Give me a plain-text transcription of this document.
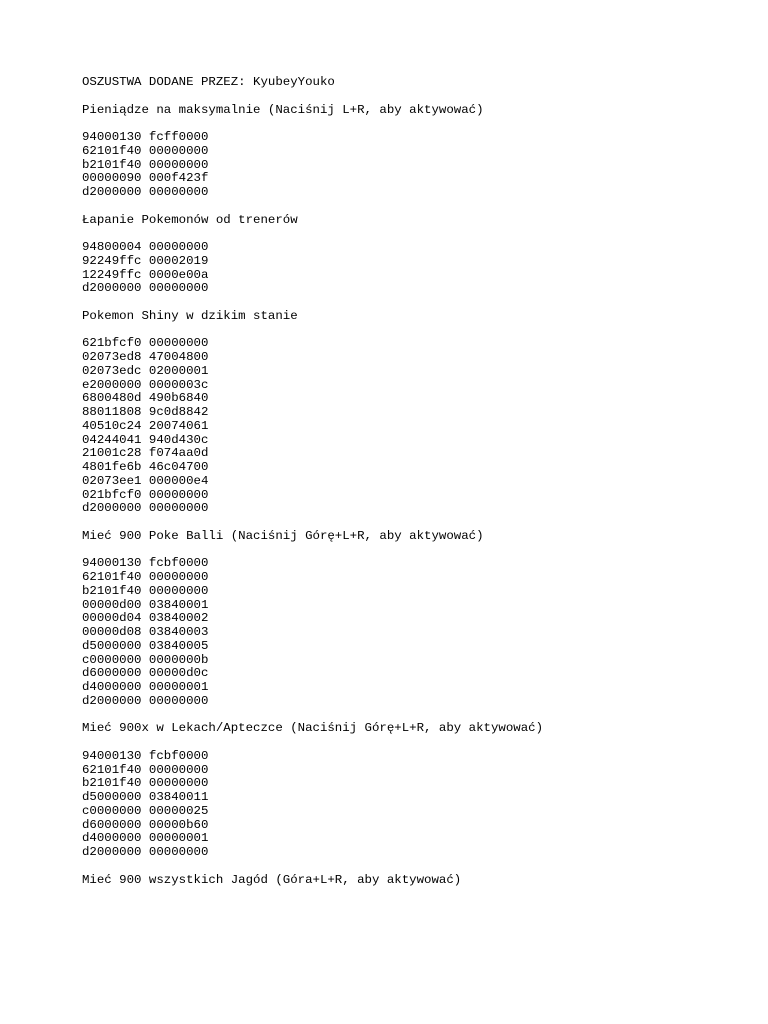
OSZUSTWA DODANE PRZEZ: KyubeyYouko
Pieniądze na maksymalnie (Naciśnij L+R, aby aktywować)
94000130 fcff0000
62101f40 00000000
b2101f40 00000000
00000090 000f423f
d2000000 00000000
Łapanie Pokemonów od trenerów
94800004 00000000
92249ffc 00002019
12249ffc 0000e00a
d2000000 00000000
Pokemon Shiny w dzikim stanie
621bfcf0 00000000
02073ed8 47004800
02073edc 02000001
e2000000 0000003c
6800480d 490b6840
88011808 9c0d8842
40510c24 20074061
04244041 940d430c
21001c28 f074aa0d
4801fe6b 46c04700
02073ee1 000000e4
021bfcf0 00000000
d2000000 00000000
Mieć 900 Poke Balli (Naciśnij Górę+L+R, aby aktywować)
94000130 fcbf0000
62101f40 00000000
b2101f40 00000000
00000d00 03840001
00000d04 03840002
00000d08 03840003
d5000000 03840005
c0000000 0000000b
d6000000 00000d0c
d4000000 00000001
d2000000 00000000
Mieć 900x w Lekach/Apteczce (Naciśnij Górę+L+R, aby aktywować)
94000130 fcbf0000
62101f40 00000000
b2101f40 00000000
d5000000 03840011
c0000000 00000025
d6000000 00000b60
d4000000 00000001
d2000000 00000000
Mieć 900 wszystkich Jagód (Góra+L+R, aby aktywować)
